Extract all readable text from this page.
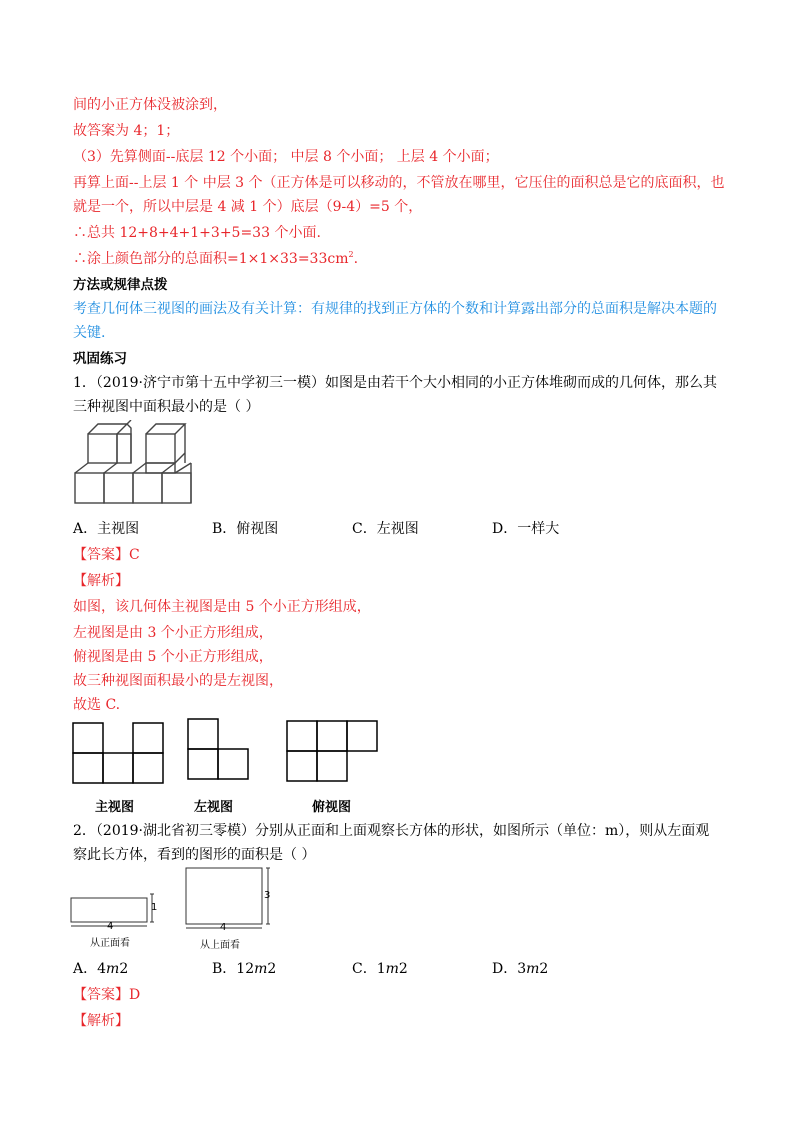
间的小正方体没被涂到，
故答案为 4；1；
（3）先算侧面--底层 12 个小面； 中层 8 个小面； 上层 4 个小面；
再算上面--上层 1 个 中层 3 个（正方体是可以移动的，不管放在哪里，它压住的面积总是它的底面积，也
就是一个，所以中层是 4 减 1 个）底层（9-4）=5 个，
∴总共 12+8+4+1+3+5=33 个小面.
∴涂上颜色部分的总面积$=1\times 1\times 33=33cm^2$.
方法或规律点拨
考查几何体三视图的画法及有关计算：有规律的找到正方体的个数和计算露出部分的总面积是解决本题的
关键.
巩固练习
1．（2019·济宁市第十五中学初三一模）如图是由若干个大小相同的小正方体堆砌而成的几何体，那么其
三种视图中面积最小的是（ ）
A．主视图	B．俯视图	C．左视图	D．一样大
【答案】C
【解析】
如图，该几何体主视图是由 5 个小正方形组成，
左视图是由 3 个小正方形组成，
俯视图是由 5 个小正方形组成，
故三种视图面积最小的是左视图，
故选 C.
主视图	左视图	俯视图
2．（2019·湖北省初三零模）分别从正面和上面观察长方体的形状，如图所示（单位：m），则从左面观
察此长方体，看到的图形的面积是（ ）
1
4
从正面看
3
4
从上面看
A．4m2	B．12m2	C．1m2	D．3m2
【答案】D
【解析】
